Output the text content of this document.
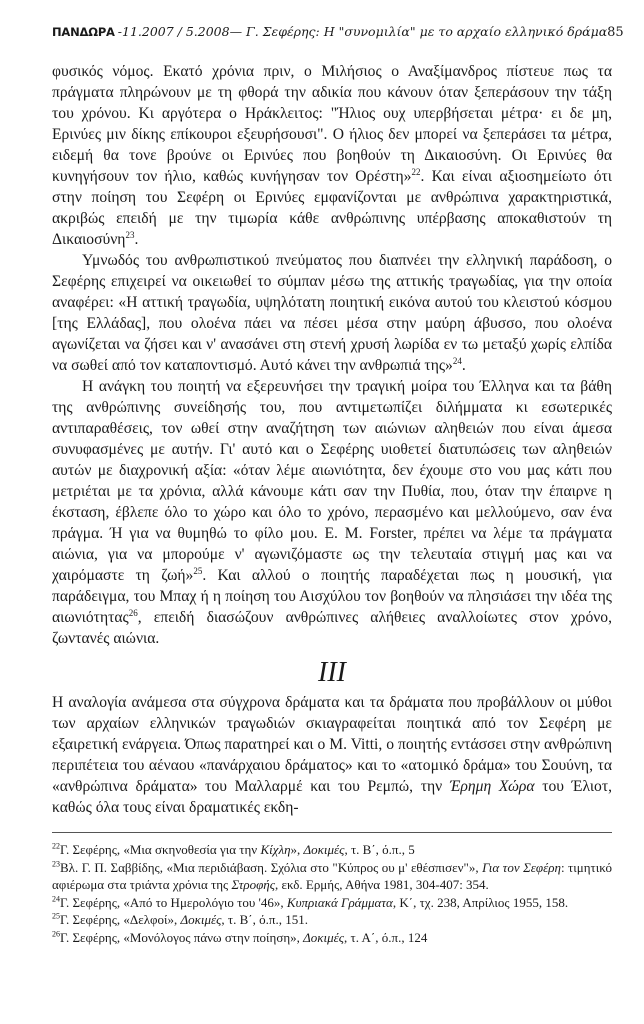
ΠΑΝΔΩΡΑ -11.2007 / 5.2008 — Γ. Σεφέρης: Η "συνομιλία" με το αρχαίο ελληνικό δράμα 85

φυσικός νόμος. Εκατό χρόνια πριν, ο Μιλήσιος ο Αναξίμανδρος πίστευε πως τα πράγματα πληρώνουν με τη φθορά την αδικία που κάνουν όταν ξεπεράσουν την τάξη του χρόνου. Κι αργότερα ο Ηράκλειτος: "Ήλιος ουχ υπερβήσεται μέτρα· ει δε μη, Ερινύες μιν δίκης επίκουροι εξευρήσουσι". Ο ήλιος δεν μπορεί να ξεπεράσει τα μέτρα, ειδεμή θα τονε βρούνε οι Ερινύες που βοηθούν τη Δικαιοσύνη. Οι Ερινύες θα κυνηγήσουν τον ήλιο, καθώς κυνήγησαν τον Ορέστη»$^{22}$. Και είναι αξιοσημείωτο ότι στην ποίηση του Σεφέρη οι Ερινύες εμφανίζονται με ανθρώπινα χαρακτηριστικά, ακριβώς επειδή με την τιμωρία κάθε ανθρώπινης υπέρβασης αποκαθιστούν τη Δικαιοσύνη$^{23}$.

Υμνωδός του ανθρωπιστικού πνεύματος που διαπνέει την ελληνική παράδοση, ο Σεφέρης επιχειρεί να οικειωθεί το σύμπαν μέσω της αττικής τραγωδίας, για την οποία αναφέρει: «Η αττική τραγωδία, υψηλότατη ποιητική εικόνα αυτού του κλειστού κόσμου [της Ελλάδας], που ολοένα πάει να πέσει μέσα στην μαύρη άβυσσο, που ολοένα αγωνίζεται να ζήσει και ν' ανασάνει στη στενή χρυσή λωρίδα εν τω μεταξύ χωρίς ελπίδα να σωθεί από τον καταποντισμό. Αυτό κάνει την ανθρωπιά της»$^{24}$.

Η ανάγκη του ποιητή να εξερευνήσει την τραγική μοίρα του Έλληνα και τα βάθη της ανθρώπινης συνείδησής του, που αντιμετωπίζει διλήμματα κι εσωτερικές αντιπαραθέσεις, τον ωθεί στην αναζήτηση των αιώνιων αληθειών που είναι άμεσα συνυφασμένες με αυτήν. Γι' αυτό και ο Σεφέρης υιοθετεί διατυπώσεις των αληθειών αυτών με διαχρονική αξία: «όταν λέμε αιωνιότητα, δεν έχουμε στο νου μας κάτι που μετριέται με τα χρόνια, αλλά κάνουμε κάτι σαν την Πυθία, που, όταν την έπαιρνε η έκσταση, έβλεπε όλο το χώρο και όλο το χρόνο, περασμένο και μελλούμενο, σαν ένα πράγμα. Ή για να θυμηθώ το φίλο μου. E. M. Forster, πρέπει να λέμε τα πράγματα αιώνια, για να μπορούμε ν' αγωνιζόμαστε ως την τελευταία στιγμή μας και να χαιρόμαστε τη ζωή»$^{25}$. Και αλλού ο ποιητής παραδέχεται πως η μουσική, για παράδειγμα, του Μπαχ ή η ποίηση του Αισχύλου τον βοηθούν να πλησιάσει την ιδέα της αιωνιότητας$^{26}$, επειδή διασώζουν ανθρώπινες αλήθειες αναλλοίωτες στον χρόνο, ζωντανές αιώνια.

III

Η αναλογία ανάμεσα στα σύγχρονα δράματα και τα δράματα που προβάλλουν οι μύθοι των αρχαίων ελληνικών τραγωδιών σκιαγραφείται ποιητικά από τον Σεφέρη με εξαιρετική ενάργεια. Όπως παρατηρεί και ο M. Vitti, ο ποιητής εντάσσει στην ανθρώπινη περιπέτεια του αέναου «πανάρχαιου δράματος» και το «ατομικό δράμα» του Σουύνη, τα «ανθρώπινα δράματα» του Μαλλαρμέ και του Ρεμπώ, την Έρημη Χώρα του Έλιοτ, καθώς όλα τους είναι δραματικές εκδη-

$^{22}$Γ. Σεφέρης, «Μια σκηνοθεσία για την Κίχλη», Δοκιμές, τ. Β΄, ό.π., 5

$^{23}$Βλ. Γ. Π. Σαββίδης, «Μια περιδιάβαση. Σχόλια στο "Κύπρος ου μ' εθέσπισεν"», Για τον Σεφέρη: τιμητικό αφιέρωμα στα τριάντα χρόνια της Στροφής, εκδ. Ερμής, Αθήνα 1981, 304-407: 354.

$^{24}$Γ. Σεφέρης, «Από το Ημερολόγιο του '46», Κυπριακά Γράμματα, Κ΄, τχ. 238, Απρίλιος 1955, 158.

$^{25}$Γ. Σεφέρης, «Δελφοί», Δοκιμές, τ. Β΄, ό.π., 151.

$^{26}$Γ. Σεφέρης, «Μονόλογος πάνω στην ποίηση», Δοκιμές, τ. Α΄, ό.π., 124
